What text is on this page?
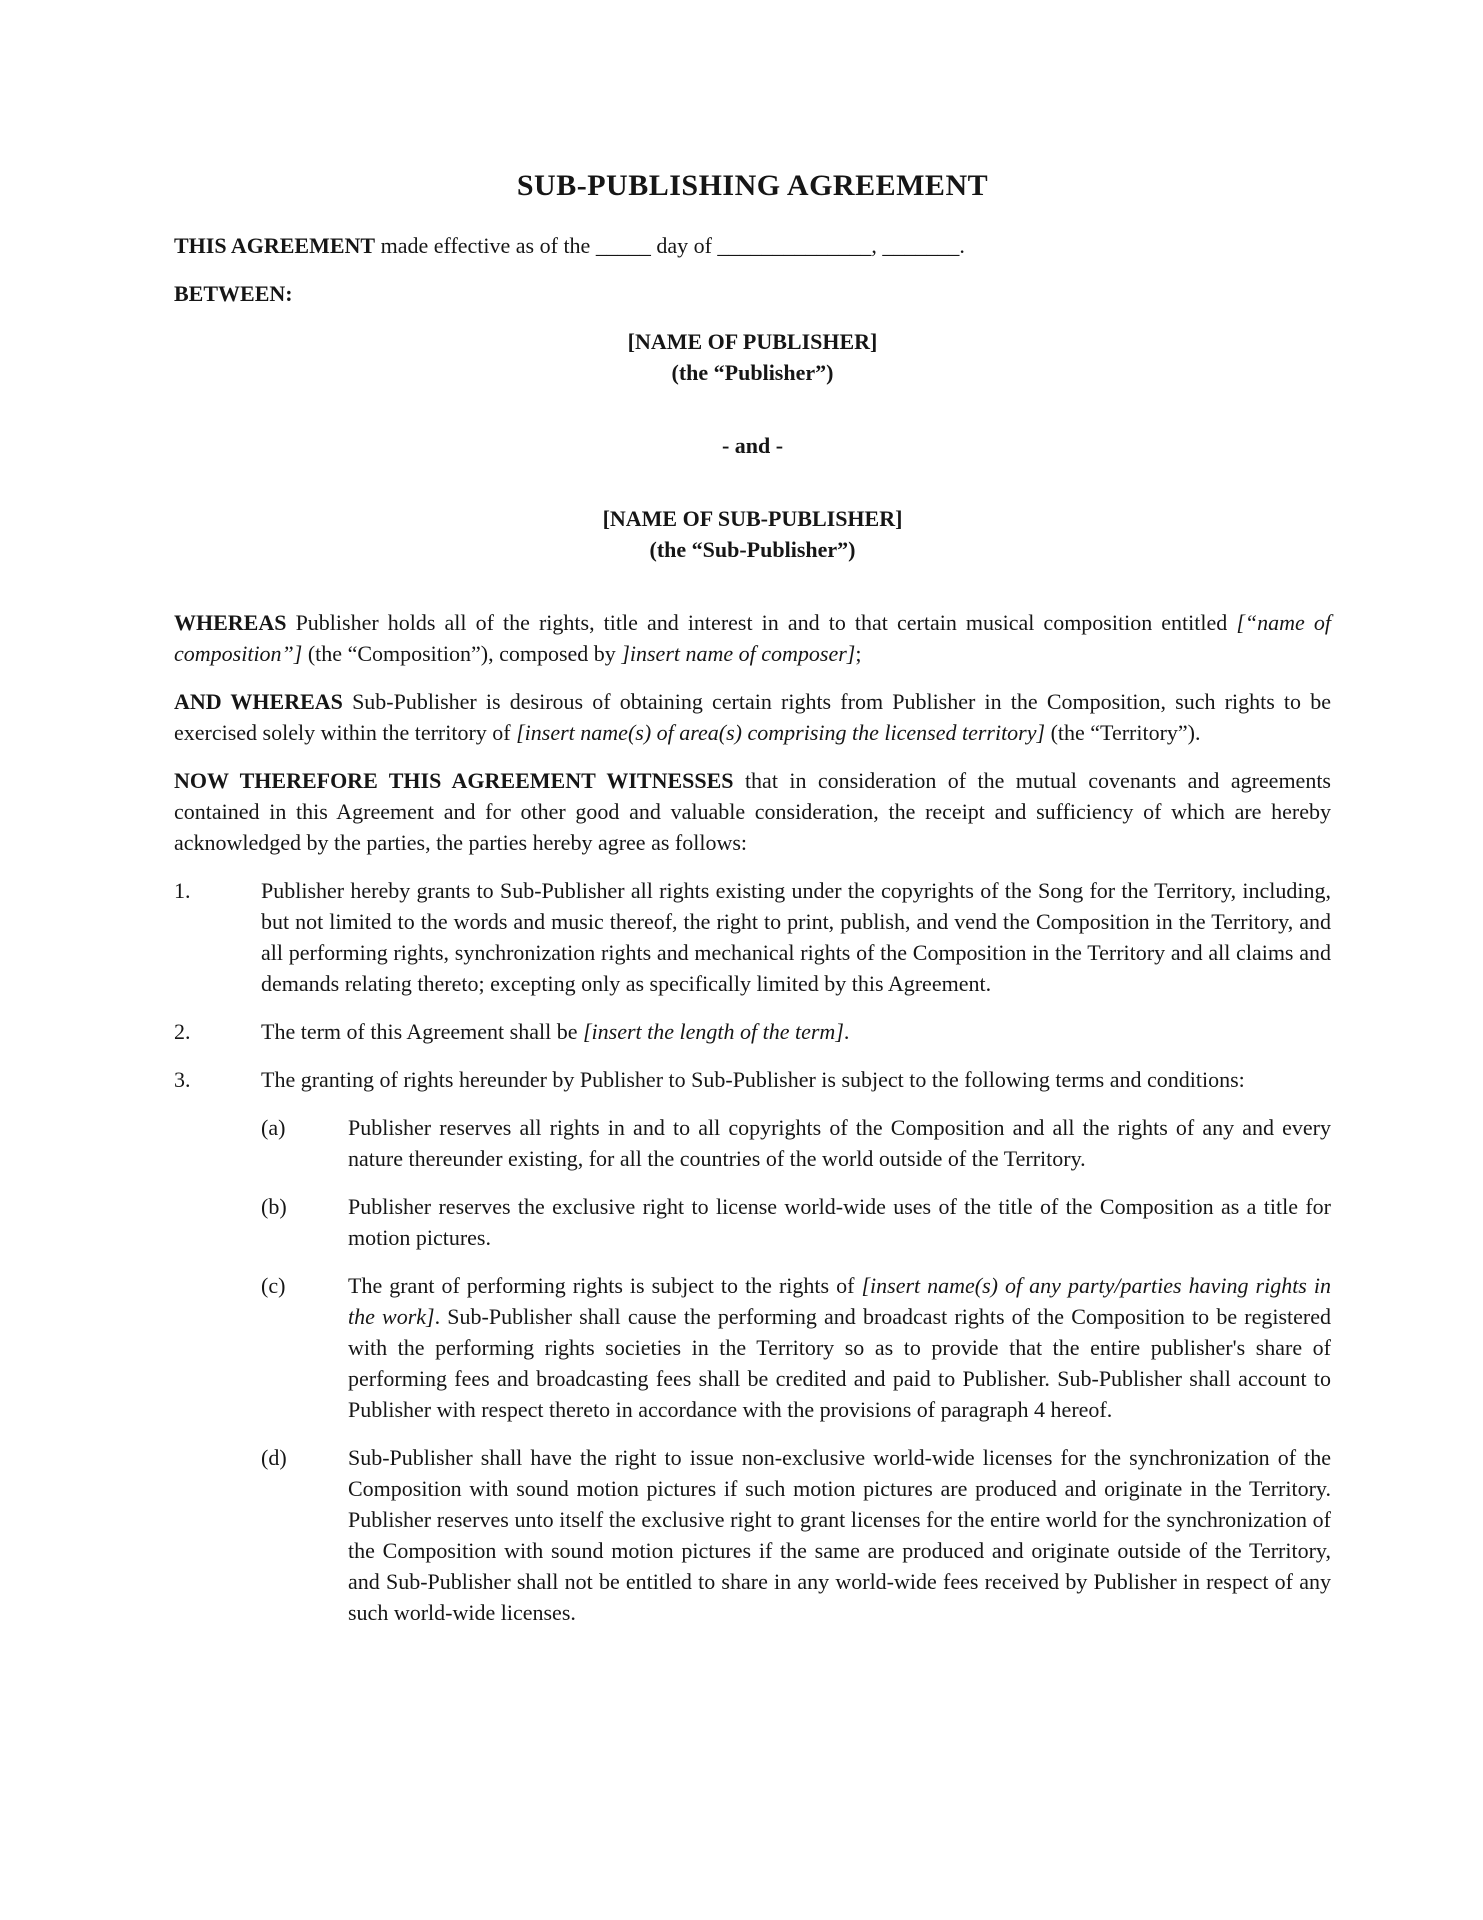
SUB-PUBLISHING AGREEMENT

THIS AGREEMENT made effective as of the _____ day of ______________, _______.

BETWEEN:

[NAME OF PUBLISHER]
(the “Publisher”)
- and -
[NAME OF SUB-PUBLISHER]
(the “Sub-Publisher”)

WHEREAS Publisher holds all of the rights, title and interest in and to that certain musical composition entitled [“name of composition”] (the “Composition”), composed by ]insert name of composer];

AND WHEREAS Sub-Publisher is desirous of obtaining certain rights from Publisher in the Composition, such rights to be exercised solely within the territory of [insert name(s) of area(s) comprising the licensed territory] (the “Territory”).

NOW THEREFORE THIS AGREEMENT WITNESSES that in consideration of the mutual covenants and agreements contained in this Agreement and for other good and valuable consideration, the receipt and sufficiency of which are hereby acknowledged by the parties, the parties hereby agree as follows:

1.	Publisher hereby grants to Sub-Publisher all rights existing under the copyrights of the Song for the Territory, including, but not limited to the words and music thereof, the right to print, publish, and vend the Composition in the Territory, and all performing rights, synchronization rights and mechanical rights of the Composition in the Territory and all claims and demands relating thereto; excepting only as specifically limited by this Agreement.
2.	The term of this Agreement shall be [insert the length of the term].
3.	The granting of rights hereunder by Publisher to Sub-Publisher is subject to the following terms and conditions:
(a)	Publisher reserves all rights in and to all copyrights of the Composition and all the rights of any and every nature thereunder existing, for all the countries of the world outside of the Territory.
(b)	Publisher reserves the exclusive right to license world-wide uses of the title of the Composition as a title for motion pictures.
(c)	The grant of performing rights is subject to the rights of [insert name(s) of any party/parties having rights in the work]. Sub-Publisher shall cause the performing and broadcast rights of the Composition to be registered with the performing rights societies in the Territory so as to provide that the entire publisher's share of performing fees and broadcasting fees shall be credited and paid to Publisher. Sub-Publisher shall account to Publisher with respect thereto in accordance with the provisions of paragraph 4 hereof.
(d)	Sub-Publisher shall have the right to issue non-exclusive world-wide licenses for the synchronization of the Composition with sound motion pictures if such motion pictures are produced and originate in the Territory. Publisher reserves unto itself the exclusive right to grant licenses for the entire world for the synchronization of the Composition with sound motion pictures if the same are produced and originate outside of the Territory, and Sub-Publisher shall not be entitled to share in any world-wide fees received by Publisher in respect of any such world-wide licenses.
